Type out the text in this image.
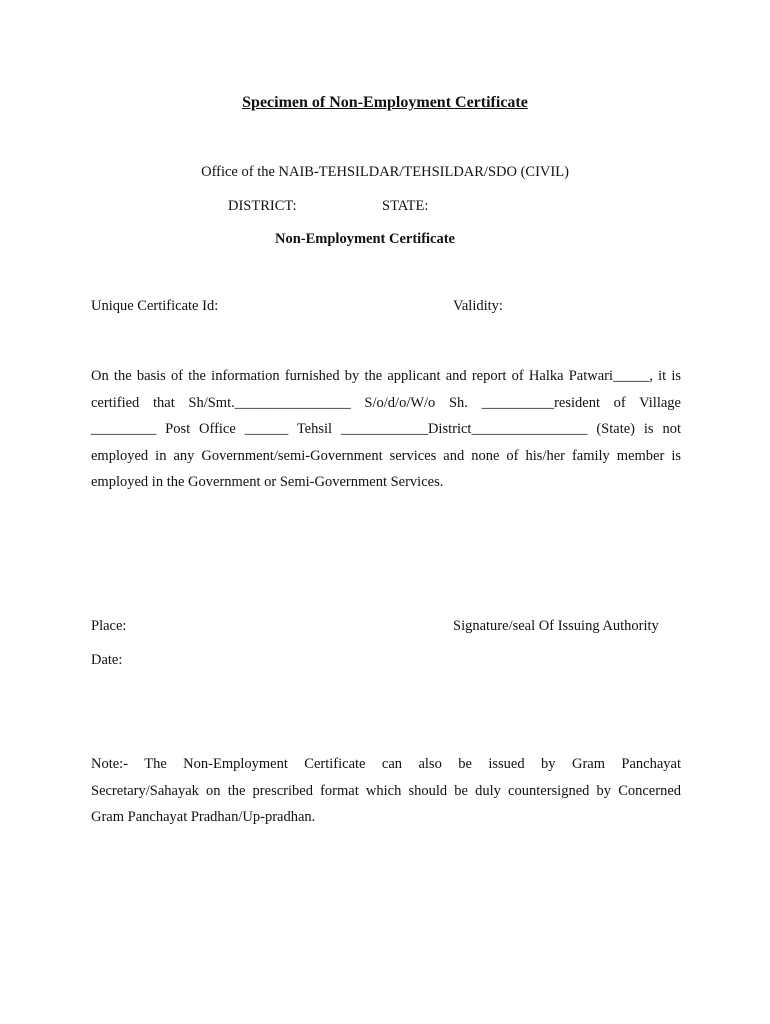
Specimen of Non-Employment Certificate
Office of the NAIB-TEHSILDAR/TEHSILDAR/SDO (CIVIL)
DISTRICT:	STATE:
Non-Employment Certificate
Unique Certificate Id:	Validity:
On the basis of the information furnished by the applicant and report of Halka Patwari_____, it is
certified that Sh/Smt.________________ S/o/d/o/W/o Sh. __________resident of Village
_________ Post Office ______ Tehsil ____________District________________ (State) is not
employed in any Government/semi-Government services and none of his/her family member is
employed in the Government or Semi-Government Services.
Place:	Signature/seal Of Issuing Authority
Date:
Note:- The Non-Employment Certificate can also be issued by Gram Panchayat
Secretary/Sahayak on the prescribed format which should be duly countersigned by Concerned
Gram Panchayat Pradhan/Up-pradhan.
